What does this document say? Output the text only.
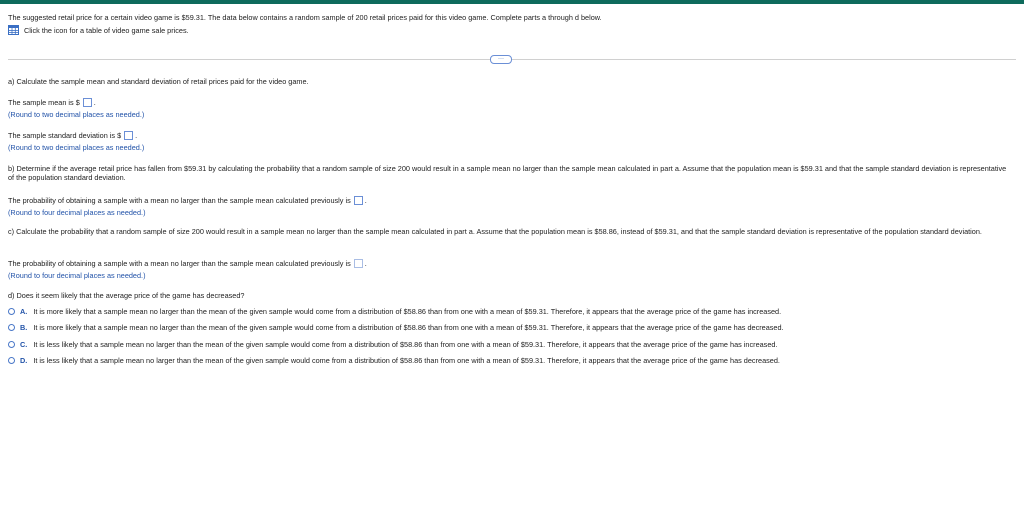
The suggested retail price for a certain video game is $59.31. The data below contains a random sample of 200 retail prices paid for this video game. Complete parts a through d below.
Click the icon for a table of video game sale prices.
···
a) Calculate the sample mean and standard deviation of retail prices paid for the video game.
The sample mean is $ .
(Round to two decimal places as needed.)
The sample standard deviation is $ .
(Round to two decimal places as needed.)
b) Determine if the average retail price has fallen from $59.31 by calculating the probability that a random sample of size 200 would result in a sample mean no larger than the sample mean calculated in part a. Assume that the population mean is $59.31 and that the sample standard deviation is representative of the population standard deviation.
The probability of obtaining a sample with a mean no larger than the sample mean calculated previously is .
(Round to four decimal places as needed.)
c) Calculate the probability that a random sample of size 200 would result in a sample mean no larger than the sample mean calculated in part a. Assume that the population mean is $58.86, instead of $59.31, and that the sample standard deviation is representative of the population standard deviation.
The probability of obtaining a sample with a mean no larger than the sample mean calculated previously is .
(Round to four decimal places as needed.)
d) Does it seem likely that the average price of the game has decreased?
A. It is more likely that a sample mean no larger than the mean of the given sample would come from a distribution of $58.86 than from one with a mean of $59.31. Therefore, it appears that the average price of the game has increased.
B. It is more likely that a sample mean no larger than the mean of the given sample would come from a distribution of $58.86 than from one with a mean of $59.31. Therefore, it appears that the average price of the game has decreased.
C. It is less likely that a sample mean no larger than the mean of the given sample would come from a distribution of $58.86 than from one with a mean of $59.31. Therefore, it appears that the average price of the game has increased.
D. It is less likely that a sample mean no larger than the mean of the given sample would come from a distribution of $58.86 than from one with a mean of $59.31. Therefore, it appears that the average price of the game has decreased.
